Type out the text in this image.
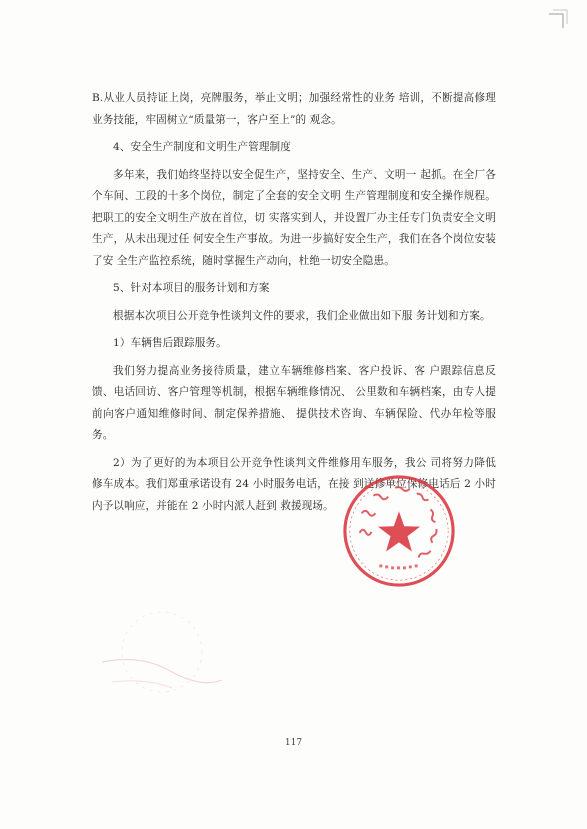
B.从业人员持证上岗，亮牌服务，举止文明；加强经常性的业务 培训，不断提高修理业务技能，牢固树立“质量第一，客户至上”的 观念。

4、安全生产制度和文明生产管理制度

多年来，我们始终坚持以安全促生产，坚持安全、生产、文明一 起抓。在全厂各个车间、工段的十多个岗位，制定了全套的安全文明 生产管理制度和安全操作规程。把职工的安全文明生产放在首位，切 实落实到人，并设置厂办主任专门负责安全文明生产，从未出现过任 何安全生产事故。为进一步搞好安全生产，我们在各个岗位安装了安 全生产监控系统，随时掌握生产动向，杜绝一切安全隐患。

5、针对本项目的服务计划和方案

根据本次项目公开竞争性谈判文件的要求，我们企业做出如下服 务计划和方案。

1）车辆售后跟踪服务。

我们努力提高业务接待质量，建立车辆维修档案、客户投诉、客 户跟踪信息反馈、电话回访、客户管理等机制，根据车辆维修情况、 公里数和车辆档案，由专人提前向客户通知维修时间、制定保养措施、 提供技术咨询、车辆保险、代办年检等服务。

2）为了更好的为本项目公开竞争性谈判文件维修用车服务，我公 司将努力降低修车成本。我们郑重承诺设有 24 小时服务电话，在接 到送修单位保修电话后 2 小时内予以响应，并能在 2 小时内派人赶到 救援现场。

117
